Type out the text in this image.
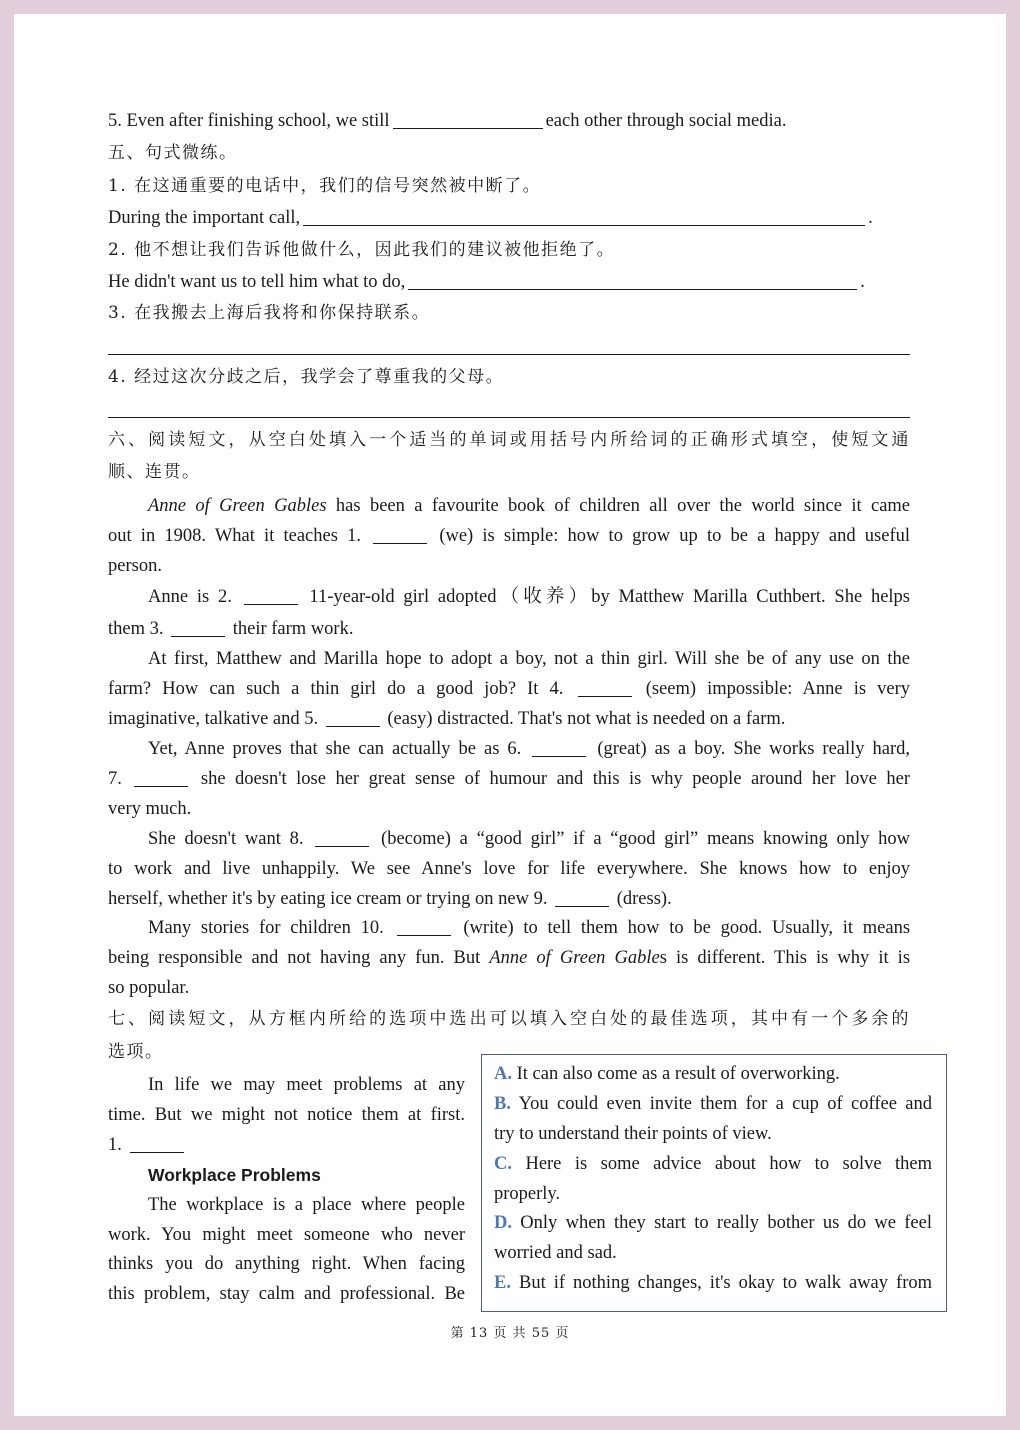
5. Even after finishing school, we still	each other through social media.
五、句式微练。
1. 在这通重要的电话中，我们的信号突然被中断了。
During the important call,	.
2. 他不想让我们告诉他做什么，因此我们的建议被他拒绝了。
He didn't want us to tell him what to do,	.
3. 在我搬去上海后我将和你保持联系。
4. 经过这次分歧之后，我学会了尊重我的父母。
六、阅读短文，从空白处填入一个适当的单词或用括号内所给词的正确形式填空，使短文通
顺、连贯。
Anne of Green Gables has been a favourite book of children all over the world since it came
out in 1908. What it teaches 1.	(we) is simple: how to grow up to be a happy and useful
person.
Anne is 2.	11-year-old girl adopted（收养）by Matthew Marilla Cuthbert. She helps
them 3.	their farm work.
At first, Matthew and Marilla hope to adopt a boy, not a thin girl. Will she be of any use on the
farm? How can such a thin girl do a good job? It 4.	(seem) impossible: Anne is very
imaginative, talkative and 5.	(easy) distracted. That's not what is needed on a farm.
Yet, Anne proves that she can actually be as 6.	(great) as a boy. She works really hard,
7.	she doesn't lose her great sense of humour and this is why people around her love her
very much.
She doesn't want 8.	(become) a “good girl” if a “good girl” means knowing only how
to work and live unhappily. We see Anne's love for life everywhere. She knows how to enjoy
herself, whether it's by eating ice cream or trying on new 9.	(dress).
Many stories for children 10.	(write) to tell them how to be good. Usually, it means
being responsible and not having any fun. But Anne of Green Gables is different. This is why it is
so popular.
七、阅读短文，从方框内所给的选项中选出可以填入空白处的最佳选项，其中有一个多余的
选项。
In life we may meet problems at any
time. But we might not notice them at first.
1.
Workplace Problems
The workplace is a place where people
work. You might meet someone who never
thinks you do anything right. When facing
this problem, stay calm and professional. Be
A. It can also come as a result of overworking.
B. You could even invite them for a cup of coffee and
try to understand their points of view.
C. Here is some advice about how to solve them
properly.
D. Only when they start to really bother us do we feel
worried and sad.
E. But if nothing changes, it's okay to walk away from
第 13 页 共 55 页
